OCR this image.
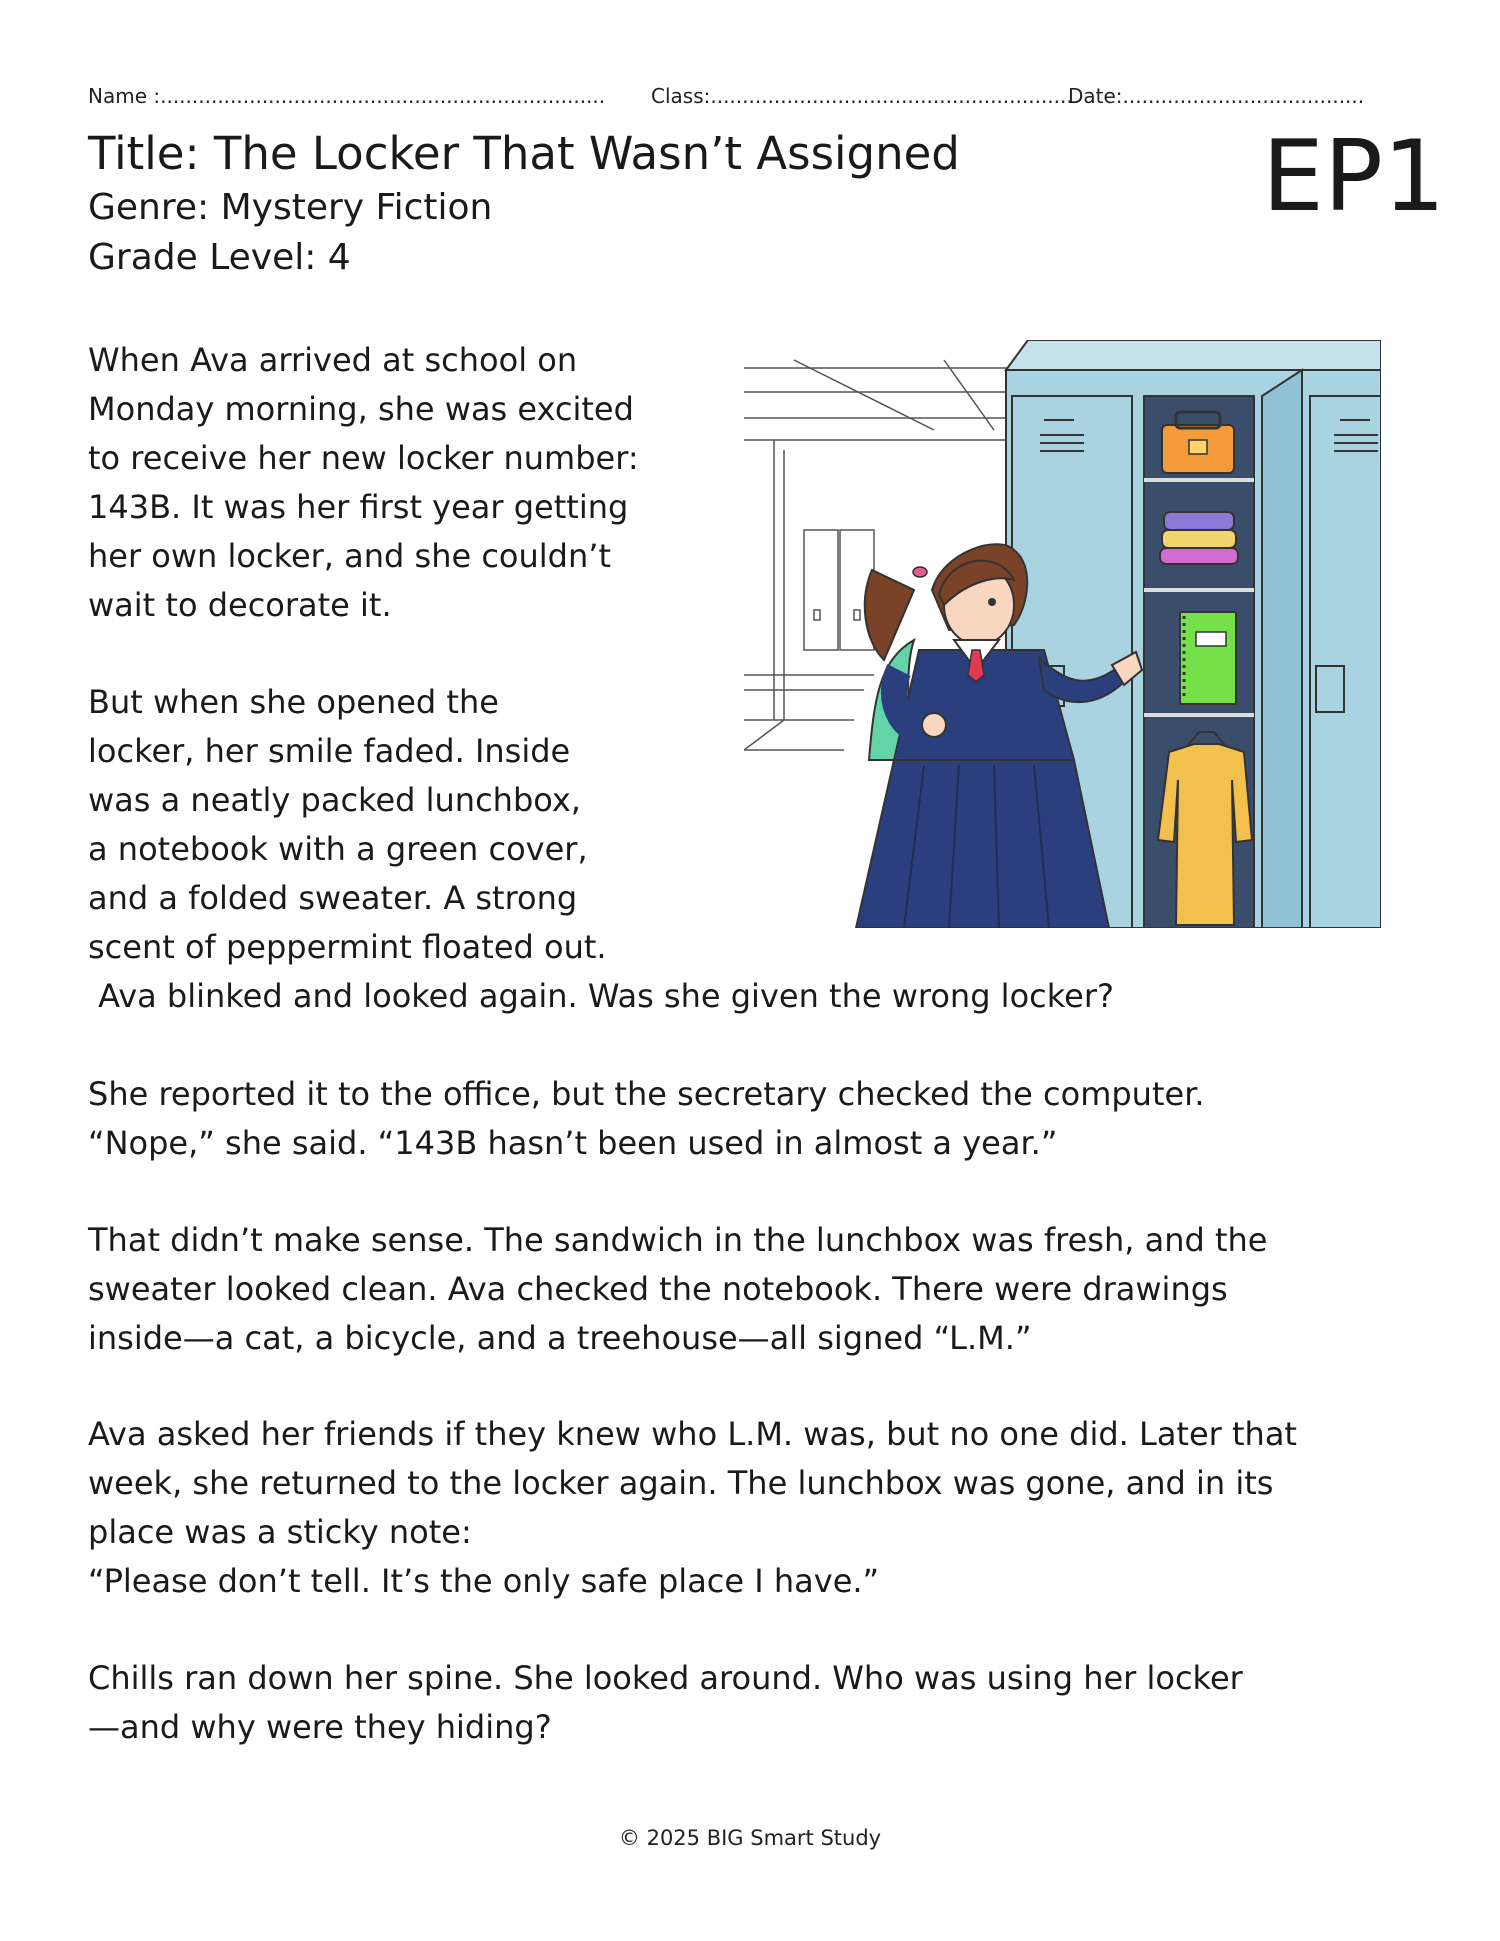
Name :...................................................................... Class:.........................................................
Date:......................................
Title: The Locker That Wasn’t Assigned
Genre: Mystery Fiction
Grade Level: 4
EP1
When Ava arrived at school on
Monday morning, she was excited
to receive her new locker number:
143B. It was her first year getting
her own locker, and she couldn’t
wait to decorate it.
But when she opened the
locker, her smile faded. Inside
was a neatly packed lunchbox,
a notebook with a green cover,
and a folded sweater. A strong
scent of peppermint floated out.
Ava blinked and looked again. Was she given the wrong locker?
She reported it to the office, but the secretary checked the computer.
“Nope,” she said. “143B hasn’t been used in almost a year.”
That didn’t make sense. The sandwich in the lunchbox was fresh, and the
sweater looked clean. Ava checked the notebook. There were drawings
inside—a cat, a bicycle, and a treehouse—all signed “L.M.”
Ava asked her friends if they knew who L.M. was, but no one did. Later that
week, she returned to the locker again. The lunchbox was gone, and in its
place was a sticky note:
“Please don’t tell. It’s the only safe place I have.”
Chills ran down her spine. She looked around. Who was using her locker
—and why were they hiding?
© 2025 BIG Smart Study
